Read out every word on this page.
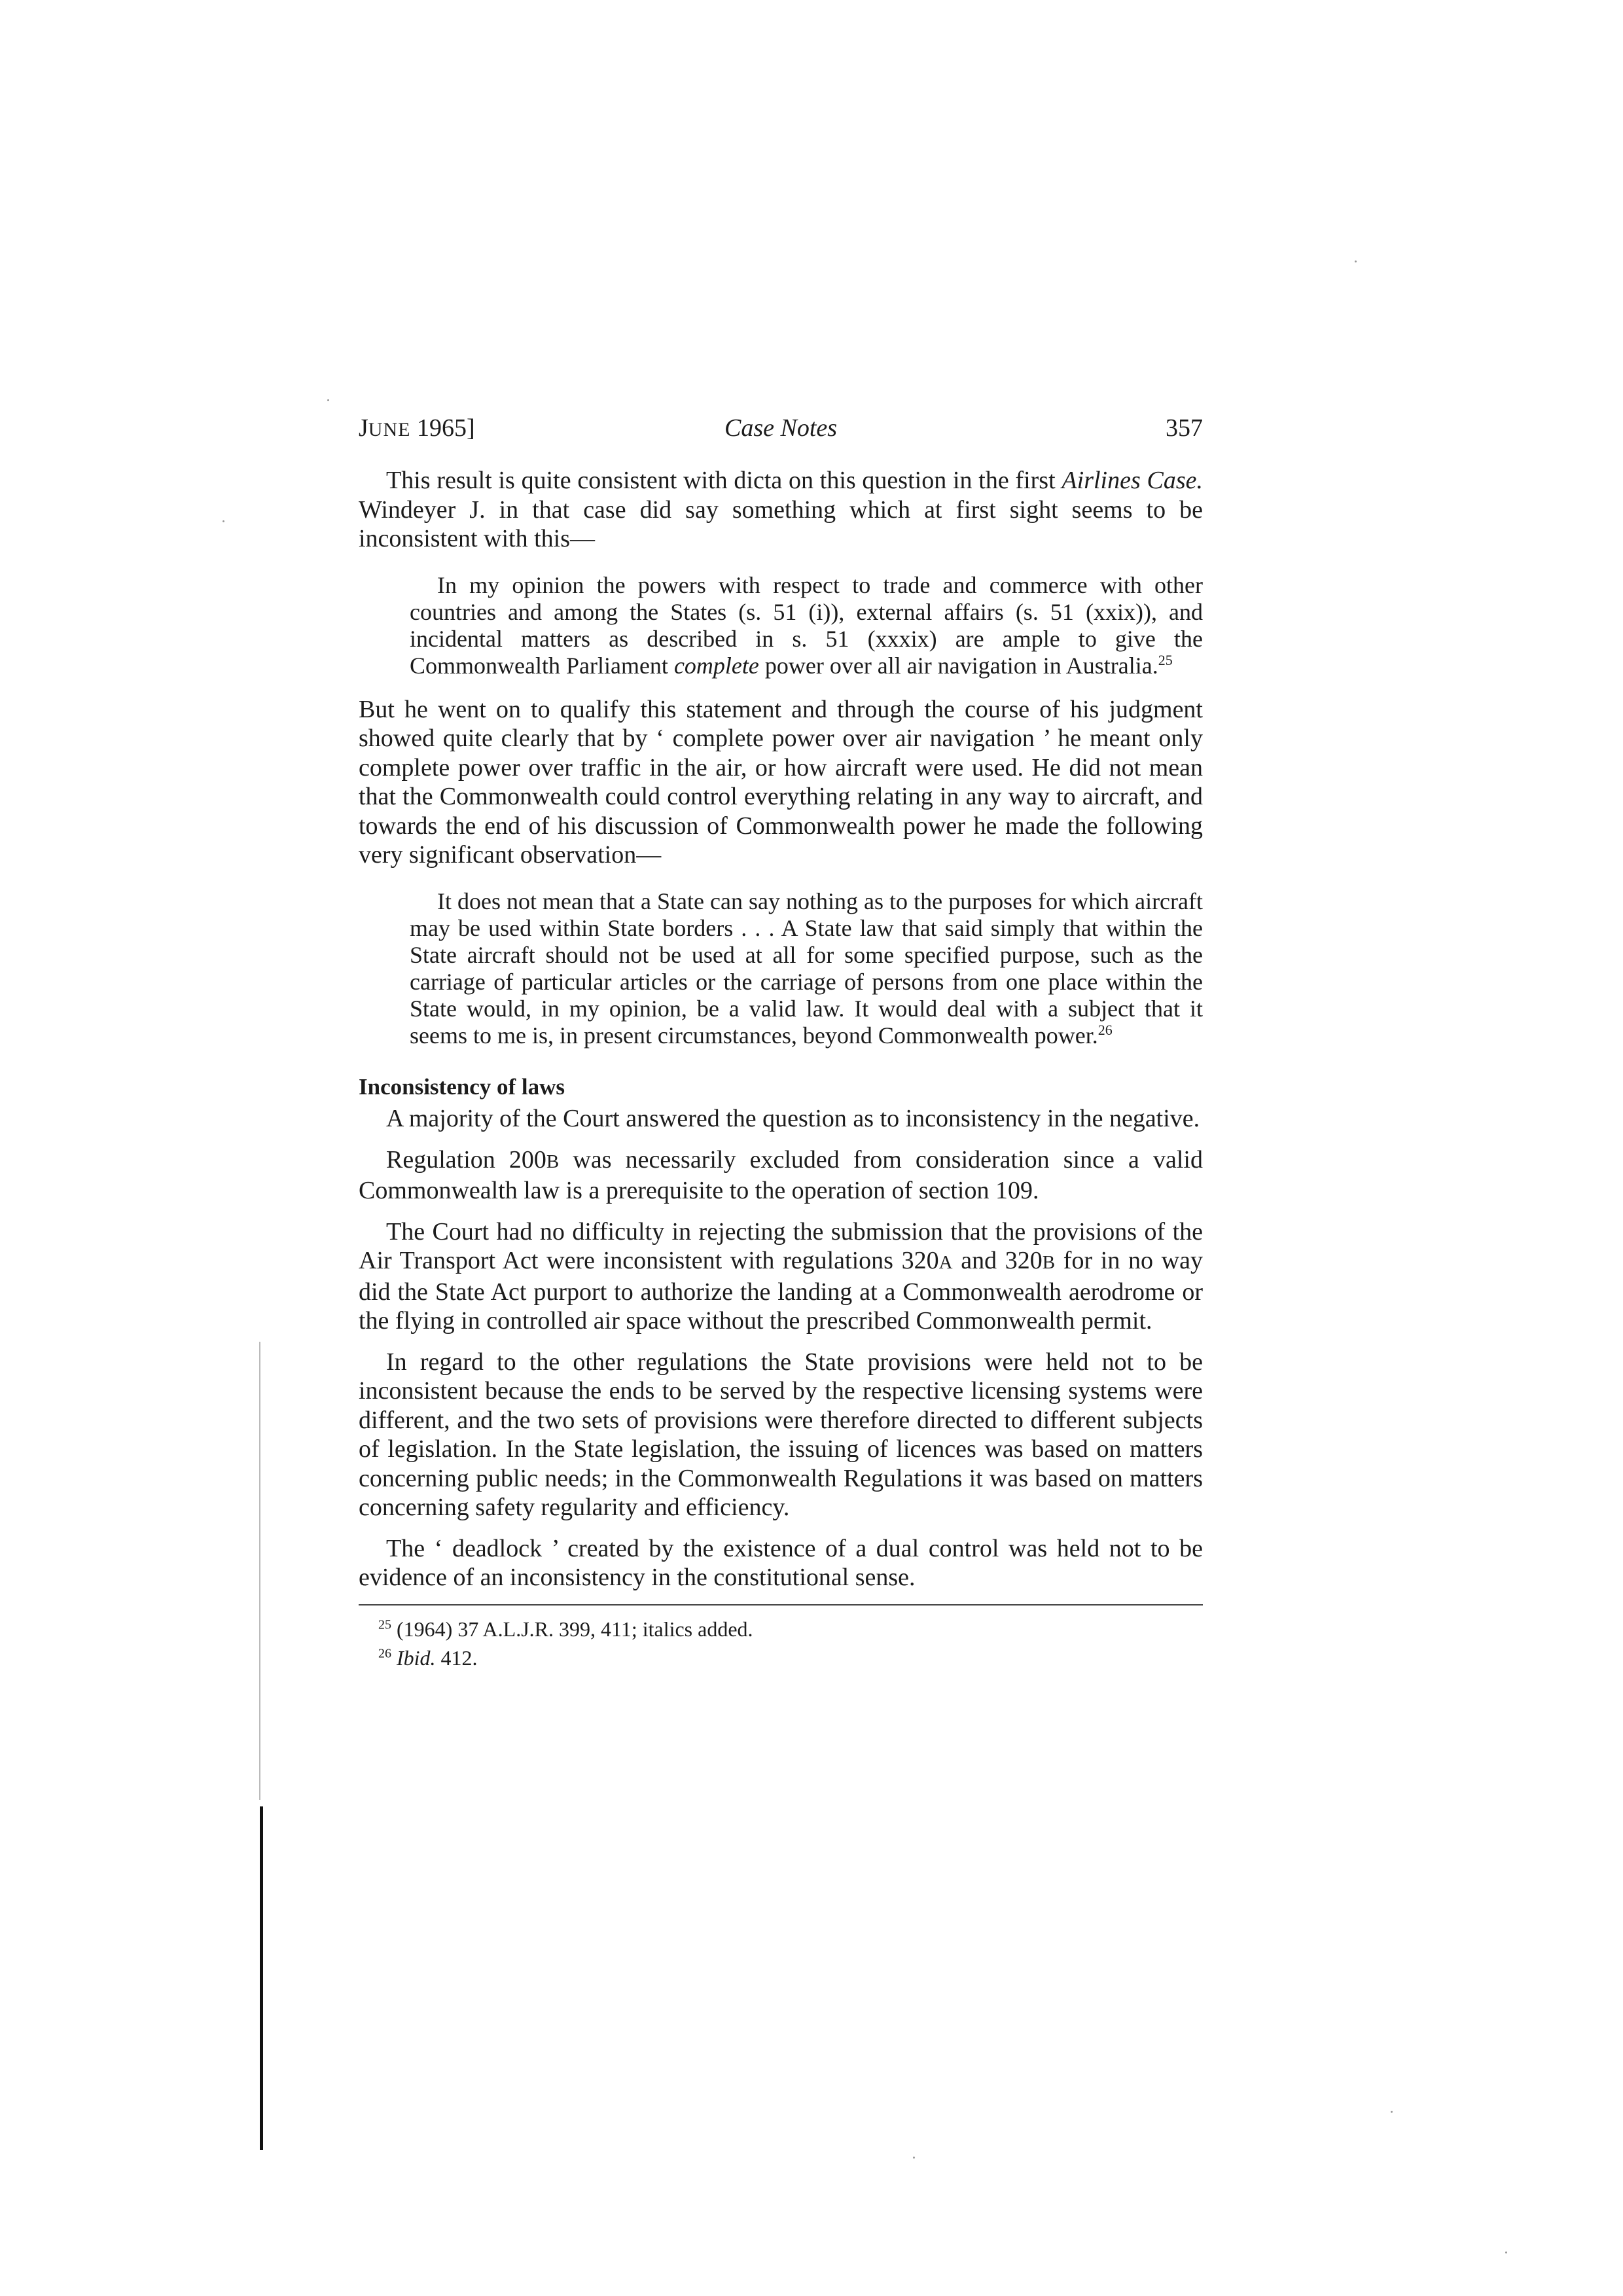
JUNE 1965]	Case Notes	357

This result is quite consistent with dicta on this question in the first Airlines Case. Windeyer J. in that case did say something which at first sight seems to be inconsistent with this—

In my opinion the powers with respect to trade and commerce with other countries and among the States (s. 51 (i)), external affairs (s. 51 (xxix)), and incidental matters as described in s. 51 (xxxix) are ample to give the Commonwealth Parliament complete power over all air navigation in Australia.$^{25}$

But he went on to qualify this statement and through the course of his judgment showed quite clearly that by ‘ complete power over air navigation ’ he meant only complete power over traffic in the air, or how aircraft were used. He did not mean that the Commonwealth could control everything relating in any way to aircraft, and towards the end of his discussion of Commonwealth power he made the following very significant observation—

It does not mean that a State can say nothing as to the purposes for which aircraft may be used within State borders . . . A State law that said simply that within the State aircraft should not be used at all for some specified purpose, such as the carriage of particular articles or the carriage of persons from one place within the State would, in my opinion, be a valid law. It would deal with a subject that it seems to me is, in present circumstances, beyond Commonwealth power.$^{26}$

Inconsistency of laws

A majority of the Court answered the question as to inconsistency in the negative.

Regulation 200B was necessarily excluded from consideration since a valid Commonwealth law is a prerequisite to the operation of section 109.

The Court had no difficulty in rejecting the submission that the provisions of the Air Transport Act were inconsistent with regulations 320A and 320B for in no way did the State Act purport to authorize the landing at a Commonwealth aerodrome or the flying in controlled air space without the prescribed Commonwealth permit.

In regard to the other regulations the State provisions were held not to be inconsistent because the ends to be served by the respective licensing systems were different, and the two sets of provisions were therefore directed to different subjects of legislation. In the State legislation, the issuing of licences was based on matters concerning public needs; in the Commonwealth Regulations it was based on matters concerning safety regularity and efficiency.

The ‘ deadlock ’ created by the existence of a dual control was held not to be evidence of an inconsistency in the constitutional sense.

$^{25}$ (1964) 37 A.L.J.R. 399, 411; italics added.
$^{26}$ Ibid. 412.
